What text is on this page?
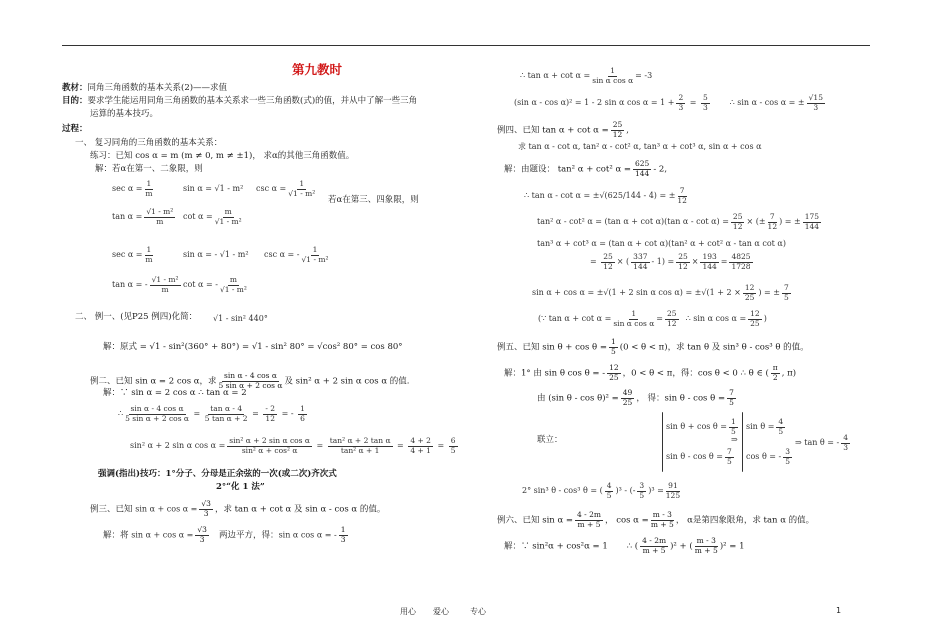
第九教时
教材：同角三角函数的基本关系(2)——求值
目的：要求学生能运用同角三角函数的基本关系求一些三角函数(式)的值，并从中了解一些三角
运算的基本技巧。
过程：
一、 复习同角的三角函数的基本关系：
练习：已知 cos α = m (m ≠ 0, m ≠ ±1)， 求α的其他三角函数值。
解：若α在第一、二象限，则
$\sec \alpha = \frac{1}{m}$	sin α = √1 - m² $\csc \alpha = \frac{1}{\text{√1 - m²}}$
$\tan \alpha = \frac{\text{√1 - m²}}{m}$ $\cot \alpha = \frac{m}{\text{√1 - m²}}$
若α在第三、四象限，则
$\sec \alpha = \frac{1}{m}$	sin α = - √1 - m² csc α = - $\frac{1}{\text{√1 - m²}}$
tan α = - $\frac{\text{√1 - m²}}{m}$ cot α = - $\frac{m}{\text{√1 - m²}}$
二、 例一、(见P25 例四)化简： √1 - sin² 440°
解：原式 = √1 - sin²(360° + 80°) = √1 - sin² 80° = √cos² 80° = cos 80°
例二、已知 sin α = 2 cos α，求 $\frac{\text{sin α - 4 cos α}}{\text{5 sin α + 2 cos α}}$ 及 sin² α + 2 sin α cos α 的值.
解：∵ sin α = 2 cos α ∴ tan α = 2
∴ $\frac{\text{sin α - 4 cos α}}{\text{5 sin α + 2 cos α}} = \frac{\text{tan α - 4}}{\text{5 tan α + 2}} = \frac{- 2}{12}$ = - $\frac{1}{6}$
sin² α + 2 sin α $\cos \alpha = \frac{\text{sin² α + 2 sin α cos α}}{\text{sin² α + cos² α}} = \frac{\text{tan² α + 2 tan α}}{\text{tan² α + 1}} = \frac{4 + 2}{4 + 1} = \frac{6}{5}$
强调(指出)技巧：1°分子、分母是正余弦的一次(或二次)齐次式
2°“化 1 法”
例三、已知 $\sin \alpha + \cos \alpha = \frac{√3}{3}$ ，求 tan α + cot α 及 sin α - cos α 的值。
解：将 $\sin \alpha + \cos \alpha = \frac{√3}{3}$ 两边平方，得：sin α cos α = - $\frac{1}{3}$
∴ $\tan \alpha + \cot \alpha = \frac{1}{\text{sin α cos α}} = -3$
(sin α - cos α)² = 1 - 2 sin α $\cos \alpha = 1 + \frac{2}{3} = \frac{5}{3}$ ∴ sin α - cos α = ± $\frac{√15}{3}$
例四、已知 $\tan \alpha + \cot \alpha = \frac{25}{12}$ ,
求 tan α - cot α, tan² α - cot² α, tan³ α + cot³ α, sin α + cos α
解：由题设： tan² α + cot² $\alpha = \frac{625}{144} - 2$,
∴ tan α - cot α = ±√(625/144 - 4) = ± $\frac{7}{12}$
tan² α - cot² α = (tan α + cot α)(tan $\alpha - \cot \alpha) = \frac{25}{12}$ × (± $\frac{7}{12}$ ) = ± $\frac{175}{144}$
tan³ α + cot³ α = (tan α + cot α)(tan² α + cot² α - tan α cot α)
= $\frac{25}{12}$ × ( $\frac{337}{144} - 1) = \frac{25}{12} \times \frac{193}{144} = \frac{4825}{1728}$
sin α + cos α = ±√(1 + 2 sin α $\cos \alpha) = \pm√(1 + 2 \times \frac{12}{25}$ ) = ± $\frac{7}{5}$
(∵ $\tan \alpha + \cot \alpha = \frac{1}{\text{sin α cos α}} = \frac{25}{12}$ ∴ sin α $\cos \alpha = \frac{12}{25}$ )
例五、已知 $\sin \theta + \cos \theta = \frac{1}{5} (0 < \theta < \pi)$，求 tan θ 及 sin³ θ - cos³ θ 的值。
解：1° 由 sin θ cos θ = - $\frac{12}{25}$ ，0 < θ < π，得：cos θ < 0 ∴ θ ∈ ( $\frac{\pi}{2}$ , π)
由 (sin $\theta - \cos \theta)^2 = \frac{49}{25}$ ， 得：$\sin \theta - \cos \theta = \frac{7}{5}$
联立：
$\sin \theta + \cos \theta = \frac{1}{5}$
$\sin \theta - \cos \theta = \frac{7}{5}$
⇒
$\sin \theta = \frac{4}{5}$
cos θ = - $\frac{3}{5}$
⇒ tan θ = - $\frac{4}{3}$
2° sin³ θ - cos³ θ = ( $\frac{4}{5} )^3$ - (- $\frac{3}{5} )^3 = \frac{91}{125}$
例六、已知 $\sin \alpha = \frac{4 - 2m}{m + 5}$ ， $\cos \alpha = \frac{m - 3}{m + 5}$ ， α是第四象限角，求 tan α 的值。
解：∵ sin²α + cos²α = 1 ∴ ( $\frac{4 - 2m}{m + 5} )^2$ + ( $\frac{m - 3}{m + 5} )^2 = 1$
用心 爱心	专心	1
